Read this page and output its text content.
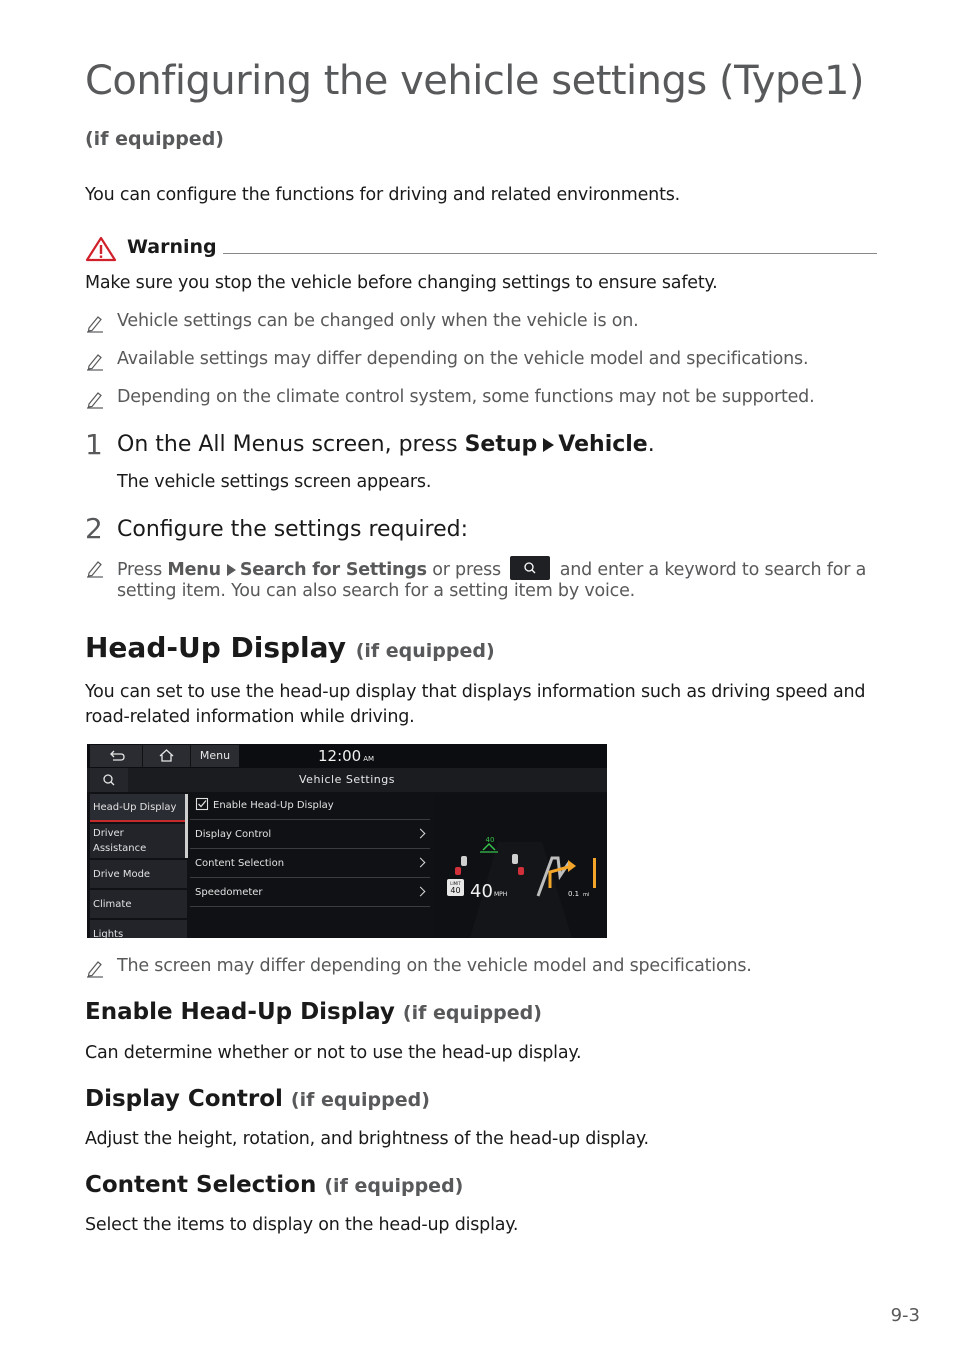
Configuring the vehicle settings (Type1)
(if equipped)
You can configure the functions for driving and related environments.
Warning
Make sure you stop the vehicle before changing settings to ensure safety.
Vehicle settings can be changed only when the vehicle is on.
Available settings may differ depending on the vehicle model and specifications.
Depending on the climate control system, some functions may not be supported.
1 On the All Menus screen, press Setup Vehicle.
The vehicle settings screen appears.
2 Configure the settings required:
Press Menu Search for Settings or press	and enter a keyword to search for a
setting item. You can also search for a setting item by voice.
Head-Up Display (if equipped)
You can set to use the head-up display that displays information such as driving speed and
road-related information while driving.
Menu	12:00 AM
Vehicle Settings
Head-Up Display
Driver
Assistance
Drive Mode
Climate
Lights
Enable Head-Up Display
Display Control
Content Selection
Speedometer
40
LIMIT
40 40 MPH	0.1 mi
The screen may differ depending on the vehicle model and specifications.
Enable Head-Up Display (if equipped)
Can determine whether or not to use the head-up display.
Display Control (if equipped)
Adjust the height, rotation, and brightness of the head-up display.
Content Selection (if equipped)
Select the items to display on the head-up display.
9-3
